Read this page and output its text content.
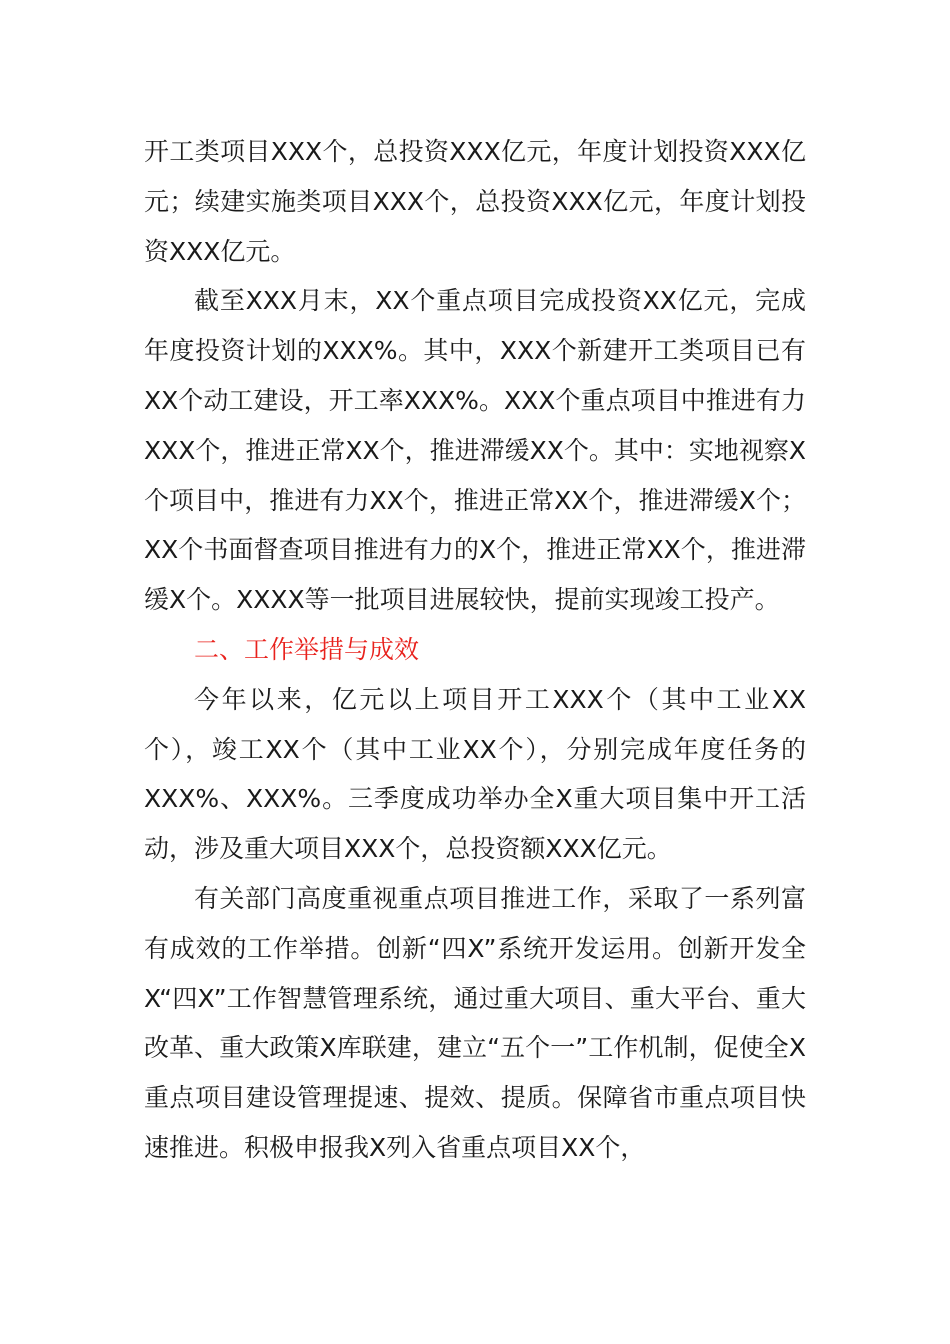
开工类项目XXX个，总投资XXX亿元，年度计划投资XXX亿元；续建实施类项目XXX个，总投资XXX亿元，年度计划投资XXX亿元。

截至XXX月末，XX个重点项目完成投资XX亿元，完成年度投资计划的XXX%。其中，XXX个新建开工类项目已有XX个动工建设，开工率XXX%。XXX个重点项目中推进有力XXX个，推进正常XX个，推进滞缓XX个。其中：实地视察X个项目中，推进有力XX个，推进正常XX个，推进滞缓X个；XX个书面督查项目推进有力的X个，推进正常XX个，推进滞缓X个。XXXX等一批项目进展较快，提前实现竣工投产。

二、工作举措与成效

今年以来，亿元以上项目开工XXX个（其中工业XX个），竣工XX个（其中工业XX个），分别完成年度任务的XXX%、XXX%。三季度成功举办全X重大项目集中开工活动，涉及重大项目XXX个，总投资额XXX亿元。

有关部门高度重视重点项目推进工作，采取了一系列富有成效的工作举措。创新“四X”系统开发运用。创新开发全X“四X”工作智慧管理系统，通过重大项目、重大平台、重大改革、重大政策X库联建，建立“五个一”工作机制，促使全X重点项目建设管理提速、提效、提质。保障省市重点项目快速推进。积极申报我X列入省重点项目XX个，
